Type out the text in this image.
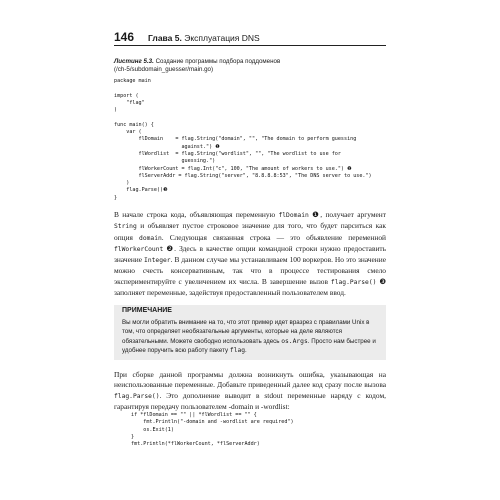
146 Глава 5. Эксплуатация DNS
Листинг 5.3. Создание программы подбора поддоменов
(/ch-5/subdomain_guesser/main.go)
package main

import (
"flag"
)

func main() {
var (
flDomain    = flag.String("domain", "", "The domain to perform guessing
against.") ❶
flWordlist  = flag.String("wordlist", "", "The wordlist to use for
guessing.")
flWorkerCount = flag.Int("c", 100, "The amount of workers to use.") ❷
flServerAddr = flag.String("server", "8.8.8.8:53", "The DNS server to use.")
)
flag.Parse()❸
}
В начале строка кода, объявляющая переменную flDomain ❶, получает аргумент String и объявляет пустое строковое значение для того, что будет парситься как опция domain. Следующая связанная строка — это объявление переменной flWorkerCount ❷. Здесь в качестве опции командной строки нужно предоставить значение Integer. В данном случае мы устанавливаем 100 воркеров. Но это значение можно счесть консервативным, так что в процессе тестирования смело экспериментируйте с увеличением их числа. В завершение вызов flag.Parse() ❸ заполняет переменные, задействуя предоставленный пользователем ввод.
ПРИМЕЧАНИЕ
Вы могли обратить внимание на то, что этот пример идет вразрез с правилами Unix в том, что определяет необязательные аргументы, которые на деле являются обязательными. Можете свободно использовать здесь os.Args. Просто нам быстрее и удобнее поручить всю работу пакету flag.
При сборке данной программы должна возникнуть ошибка, указывающая на неиспользованные переменные. Добавьте приведенный далее код сразу после вызова flag.Parse(). Это дополнение выводит в stdout переменные наряду с кодом, гарантируя передачу пользователем -domain и -wordlist:
if *flDomain == "" || *flWordlist == "" {
fmt.Println("-domain and -wordlist are required")
os.Exit(1)
}
fmt.Println(*flWorkerCount, *flServerAddr)
